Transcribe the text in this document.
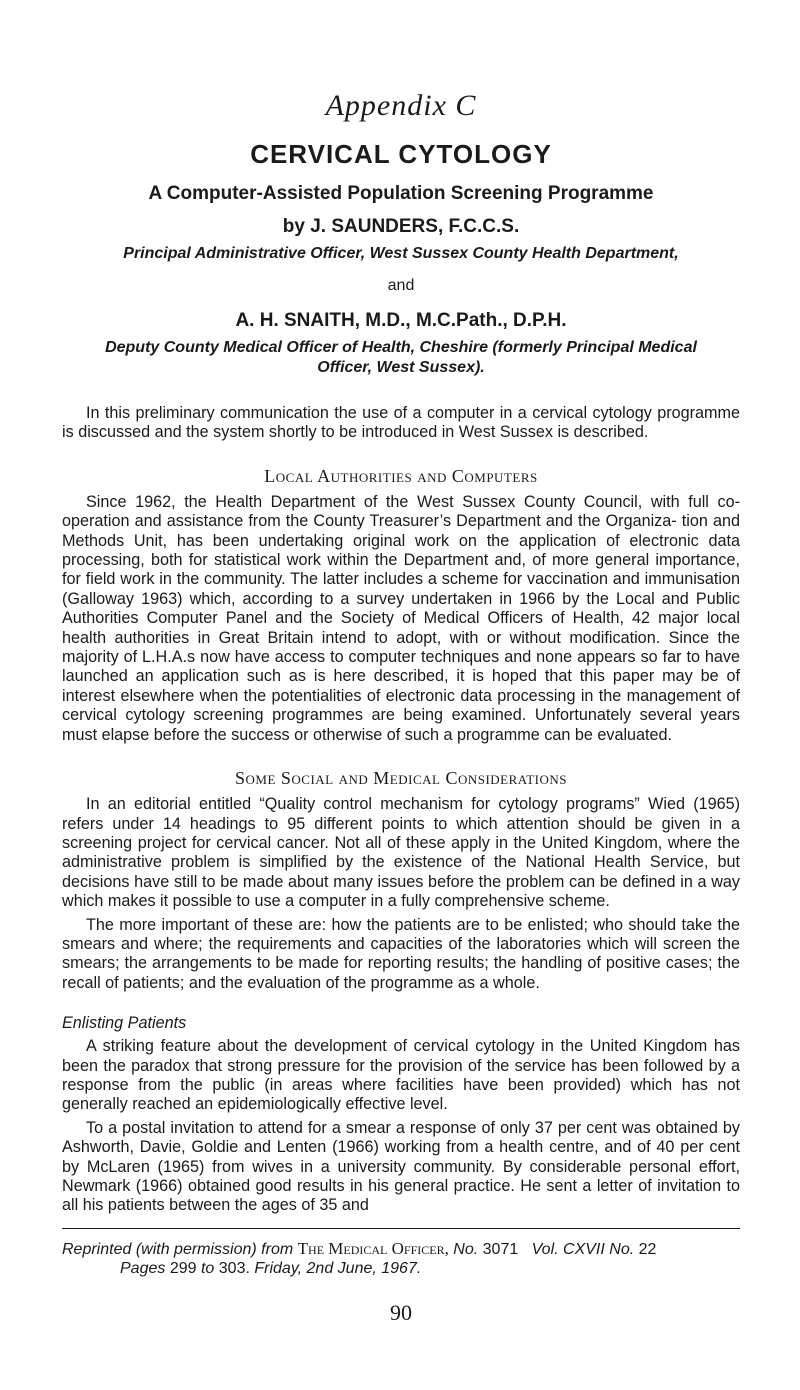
Appendix C
CERVICAL CYTOLOGY
A Computer-Assisted Population Screening Programme
by J. SAUNDERS, F.C.C.S.
Principal Administrative Officer, West Sussex County Health Department,
and
A. H. SNAITH, M.D., M.C.Path., D.P.H.
Deputy County Medical Officer of Health, Cheshire (formerly Principal Medical Officer, West Sussex).

In this preliminary communication the use of a computer in a cervical cytology programme is discussed and the system shortly to be introduced in West Sussex is described.

Local Authorities and Computers

Since 1962, the Health Department of the West Sussex County Council, with full co-operation and assistance from the County Treasurer’s Department and the Organiza- tion and Methods Unit, has been undertaking original work on the application of electronic data processing, both for statistical work within the Department and, of more general importance, for field work in the community. The latter includes a scheme for vaccination and immunisation (Galloway 1963) which, according to a survey undertaken in 1966 by the Local and Public Authorities Computer Panel and the Society of Medical Officers of Health, 42 major local health authorities in Great Britain intend to adopt, with or without modification. Since the majority of L.H.A.s now have access to computer techniques and none appears so far to have launched an application such as is here described, it is hoped that this paper may be of interest elsewhere when the potentialities of electronic data processing in the management of cervical cytology screening programmes are being examined. Unfortunately several years must elapse before the success or otherwise of such a programme can be evaluated.

Some Social and Medical Considerations

In an editorial entitled “Quality control mechanism for cytology programs” Wied (1965) refers under 14 headings to 95 different points to which attention should be given in a screening project for cervical cancer. Not all of these apply in the United Kingdom, where the administrative problem is simplified by the existence of the National Health Service, but decisions have still to be made about many issues before the problem can be defined in a way which makes it possible to use a computer in a fully comprehensive scheme.

The more important of these are: how the patients are to be enlisted; who should take the smears and where; the requirements and capacities of the laboratories which will screen the smears; the arrangements to be made for reporting results; the handling of positive cases; the recall of patients; and the evaluation of the programme as a whole.

Enlisting Patients

A striking feature about the development of cervical cytology in the United Kingdom has been the paradox that strong pressure for the provision of the service has been followed by a response from the public (in areas where facilities have been provided) which has not generally reached an epidemiologically effective level.

To a postal invitation to attend for a smear a response of only 37 per cent was obtained by Ashworth, Davie, Goldie and Lenten (1966) working from a health centre, and of 40 per cent by McLaren (1965) from wives in a university community. By considerable personal effort, Newmark (1966) obtained good results in his general practice. He sent a letter of invitation to all his patients between the ages of 35 and

Reprinted (with permission) from The Medical Officer, No. 3071 Vol. CXVII No. 22
Pages 299 to 303. Friday, 2nd June, 1967.

90
